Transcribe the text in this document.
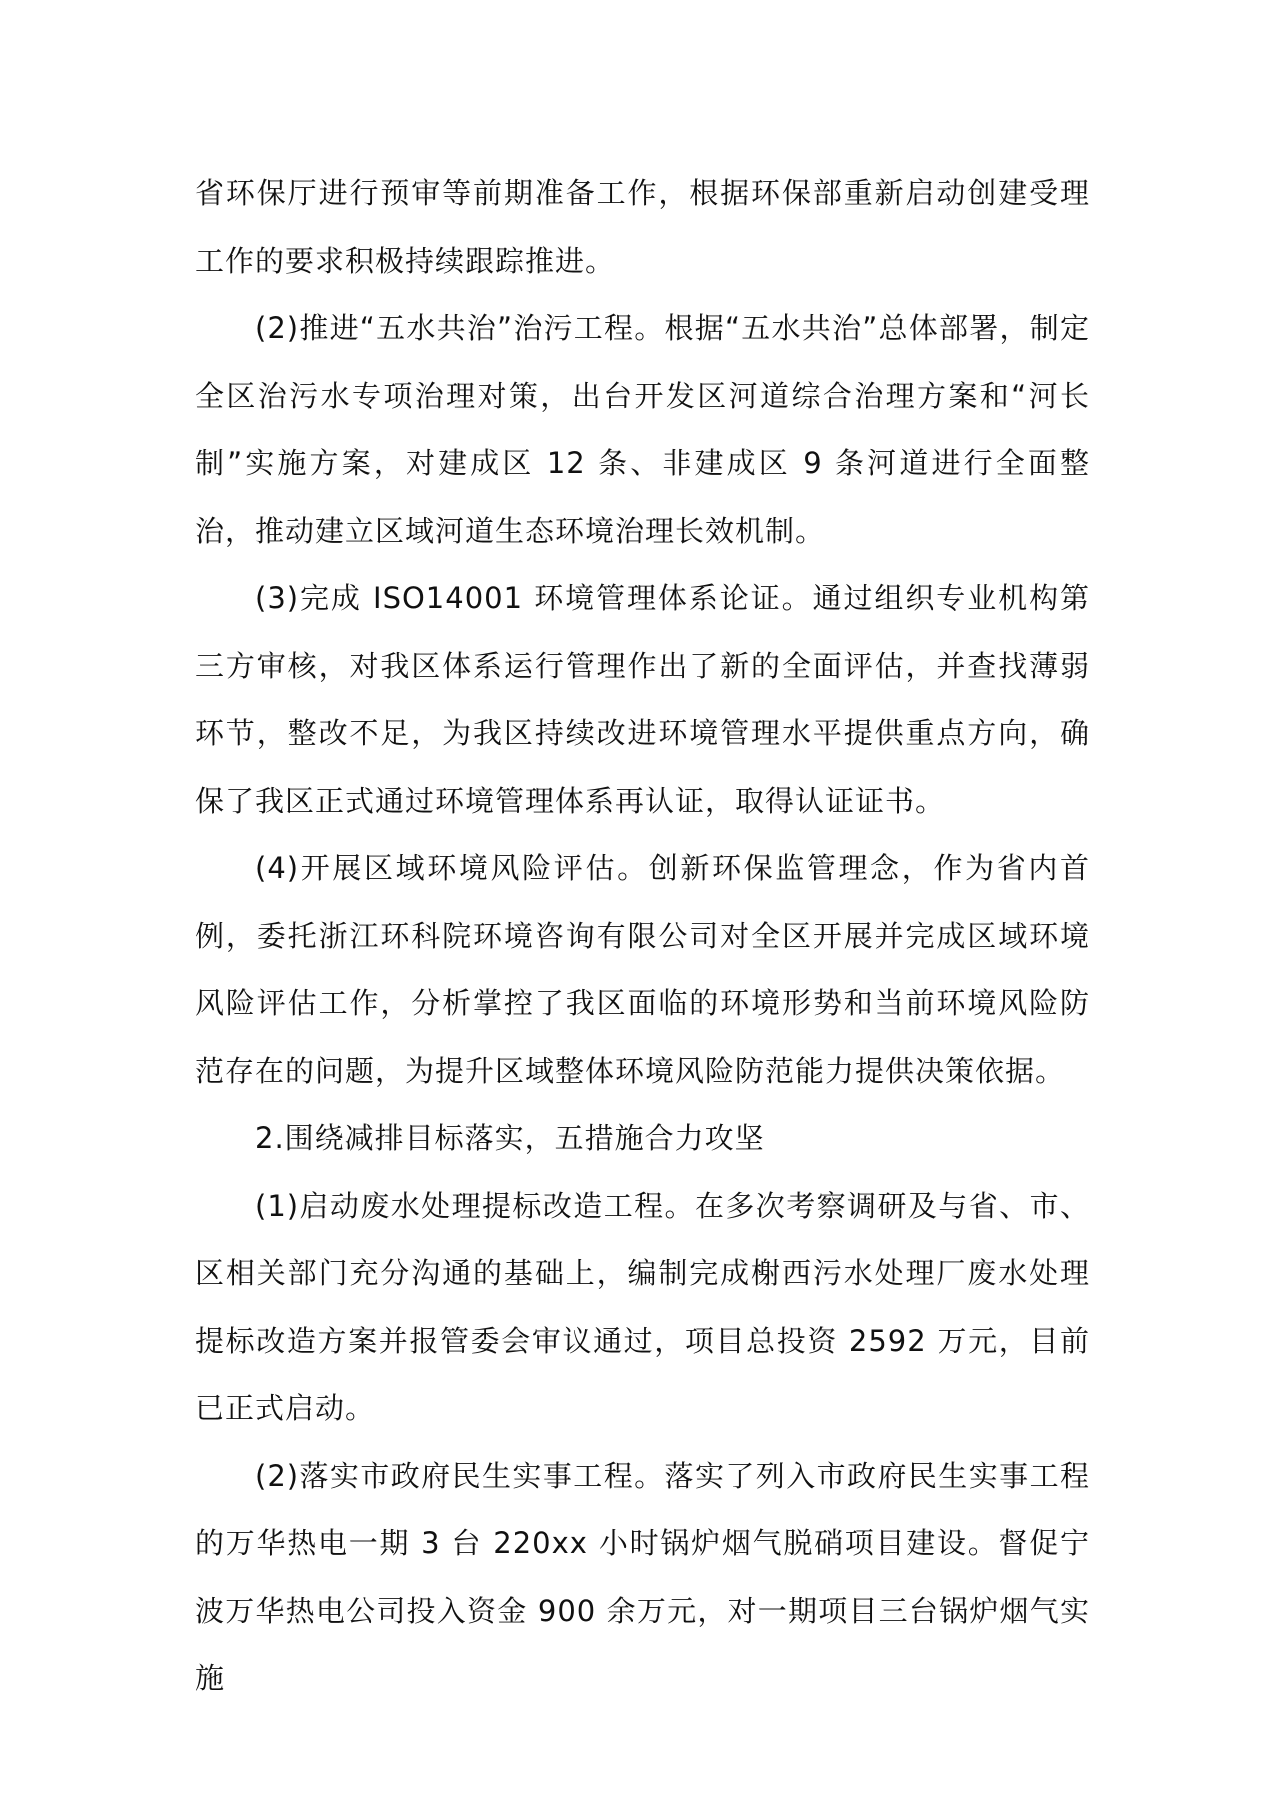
省环保厅进行预审等前期准备工作，根据环保部重新启动创建受理工作的要求积极持续跟踪推进。

(2)推进“五水共治”治污工程。根据“五水共治”总体部署，制定全区治污水专项治理对策，出台开发区河道综合治理方案和“河长制”实施方案，对建成区 12 条、非建成区 9 条河道进行全面整治，推动建立区域河道生态环境治理长效机制。

(3)完成 ISO14001 环境管理体系论证。通过组织专业机构第三方审核，对我区体系运行管理作出了新的全面评估，并查找薄弱环节，整改不足，为我区持续改进环境管理水平提供重点方向，确保了我区正式通过环境管理体系再认证，取得认证证书。

(4)开展区域环境风险评估。创新环保监管理念，作为省内首例，委托浙江环科院环境咨询有限公司对全区开展并完成区域环境风险评估工作，分析掌控了我区面临的环境形势和当前环境风险防范存在的问题，为提升区域整体环境风险防范能力提供决策依据。

2.围绕减排目标落实，五措施合力攻坚

(1)启动废水处理提标改造工程。在多次考察调研及与省、市、区相关部门充分沟通的基础上，编制完成榭西污水处理厂废水处理提标改造方案并报管委会审议通过，项目总投资 2592 万元，目前已正式启动。

(2)落实市政府民生实事工程。落实了列入市政府民生实事工程的万华热电一期 3 台 220xx 小时锅炉烟气脱硝项目建设。督促宁波万华热电公司投入资金 900 余万元，对一期项目三台锅炉烟气实施
